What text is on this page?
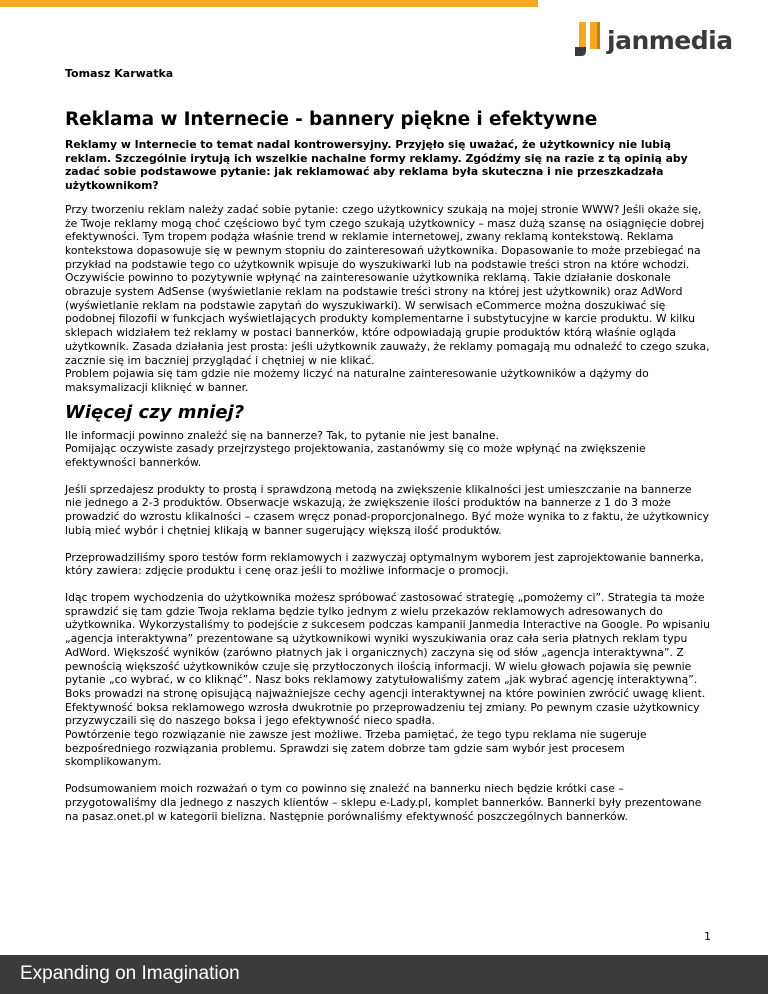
janmedia
Tomasz Karwatka
Reklama w Internecie - bannery piękne i efektywne

Reklamy w Internecie to temat nadal kontrowersyjny. Przyjęło się uważać, że użytkownicy nie lubią reklam. Szczególnie irytują ich wszelkie nachalne formy reklamy. Zgódźmy się na razie z tą opinią aby zadać sobie podstawowe pytanie: jak reklamować aby reklama była skuteczna i nie przeszkadzała użytkownikom?

Przy tworzeniu reklam należy zadać sobie pytanie: czego użytkownicy szukają na mojej stronie WWW? Jeśli okaże się, że Twoje reklamy mogą choć częściowo być tym czego szukają użytkownicy – masz dużą szansę na osiągnięcie dobrej efektywności. Tym tropem podąża właśnie trend w reklamie internetowej, zwany reklamą kontekstową. Reklama kontekstowa dopasowuje się w pewnym stopniu do zainteresowań użytkownika. Dopasowanie to może przebiegać na przykład na podstawie tego co użytkownik wpisuje do wyszukiwarki lub na podstawie treści stron na które wchodzi. Oczywiście powinno to pozytywnie wpłynąć na zainteresowanie użytkownika reklamą. Takie działanie doskonale obrazuje system AdSense (wyświetlanie reklam na podstawie treści strony na której jest użytkownik) oraz AdWord (wyświetlanie reklam na podstawie zapytań do wyszukiwarki). W serwisach eCommerce można doszukiwać się podobnej filozofii w funkcjach wyświetlających produkty komplementarne i substytucyjne w karcie produktu. W kilku sklepach widziałem też reklamy w postaci bannerków, które odpowiadają grupie produktów którą właśnie ogląda użytkownik. Zasada działania jest prosta: jeśli użytkownik zauważy, że reklamy pomagają mu odnaleźć to czego szuka, zacznie się im baczniej przyglądać i chętniej w nie klikać.

Problem pojawia się tam gdzie nie możemy liczyć na naturalne zainteresowanie użytkowników a dążymy do maksymalizacji kliknięć w banner.

Więcej czy mniej?

Ile informacji powinno znaleźć się na bannerze? Tak, to pytanie nie jest banalne.

Pomijając oczywiste zasady przejrzystego projektowania, zastanówmy się co może wpłynąć na zwiększenie efektywności bannerków.

Jeśli sprzedajesz produkty to prostą i sprawdzoną metodą na zwiększenie klikalności jest umieszczanie na bannerze nie jednego a 2-3 produktów. Obserwacje wskazują, że zwiększenie ilości produktów na bannerze z 1 do 3 może prowadzić do wzrostu klikalności – czasem wręcz ponad-proporcjonalnego. Być może wynika to z faktu, że użytkownicy lubią mieć wybór i chętniej klikają w banner sugerujący większą ilość produktów.

Przeprowadziliśmy sporo testów form reklamowych i zazwyczaj optymalnym wyborem jest zaprojektowanie bannerka, który zawiera: zdjęcie produktu i cenę oraz jeśli to możliwe informacje o promocji.

Idąc tropem wychodzenia do użytkownika możesz spróbować zastosować strategię „pomożemy ci”. Strategia ta może sprawdzić się tam gdzie Twoja reklama będzie tylko jednym z wielu przekazów reklamowych adresowanych do użytkownika. Wykorzystaliśmy to podejście z sukcesem podczas kampanii Janmedia Interactive na Google. Po wpisaniu „agencja interaktywna” prezentowane są użytkownikowi wyniki wyszukiwania oraz cała seria płatnych reklam typu AdWord. Większość wyników (zarówno płatnych jak i organicznych) zaczyna się od słów „agencja interaktywna”. Z pewnością większość użytkowników czuje się przytłoczonych ilością informacji. W wielu głowach pojawia się pewnie pytanie „co wybrać, w co kliknąć”. Nasz boks reklamowy zatytułowaliśmy zatem „jak wybrać agencję interaktywną”. Boks prowadzi na stronę opisującą najważniejsze cechy agencji interaktywnej na które powinien zwrócić uwagę klient. Efektywność boksa reklamowego wzrosła dwukrotnie po przeprowadzeniu tej zmiany. Po pewnym czasie użytkownicy przyzwyczaili się do naszego boksa i jego efektywność nieco spadła.

Powtórzenie tego rozwiązanie nie zawsze jest możliwe. Trzeba pamiętać, że tego typu reklama nie sugeruje bezpośredniego rozwiązania problemu. Sprawdzi się zatem dobrze tam gdzie sam wybór jest procesem skomplikowanym.

Podsumowaniem moich rozważań o tym co powinno się znaleźć na bannerku niech będzie krótki case – przygotowaliśmy dla jednego z naszych klientów – sklepu e-Lady.pl, komplet bannerków. Bannerki były prezentowane na pasaz.onet.pl w kategorii bielizna. Następnie porównaliśmy efektywność poszczególnych bannerków.

1
Expanding on Imagination
